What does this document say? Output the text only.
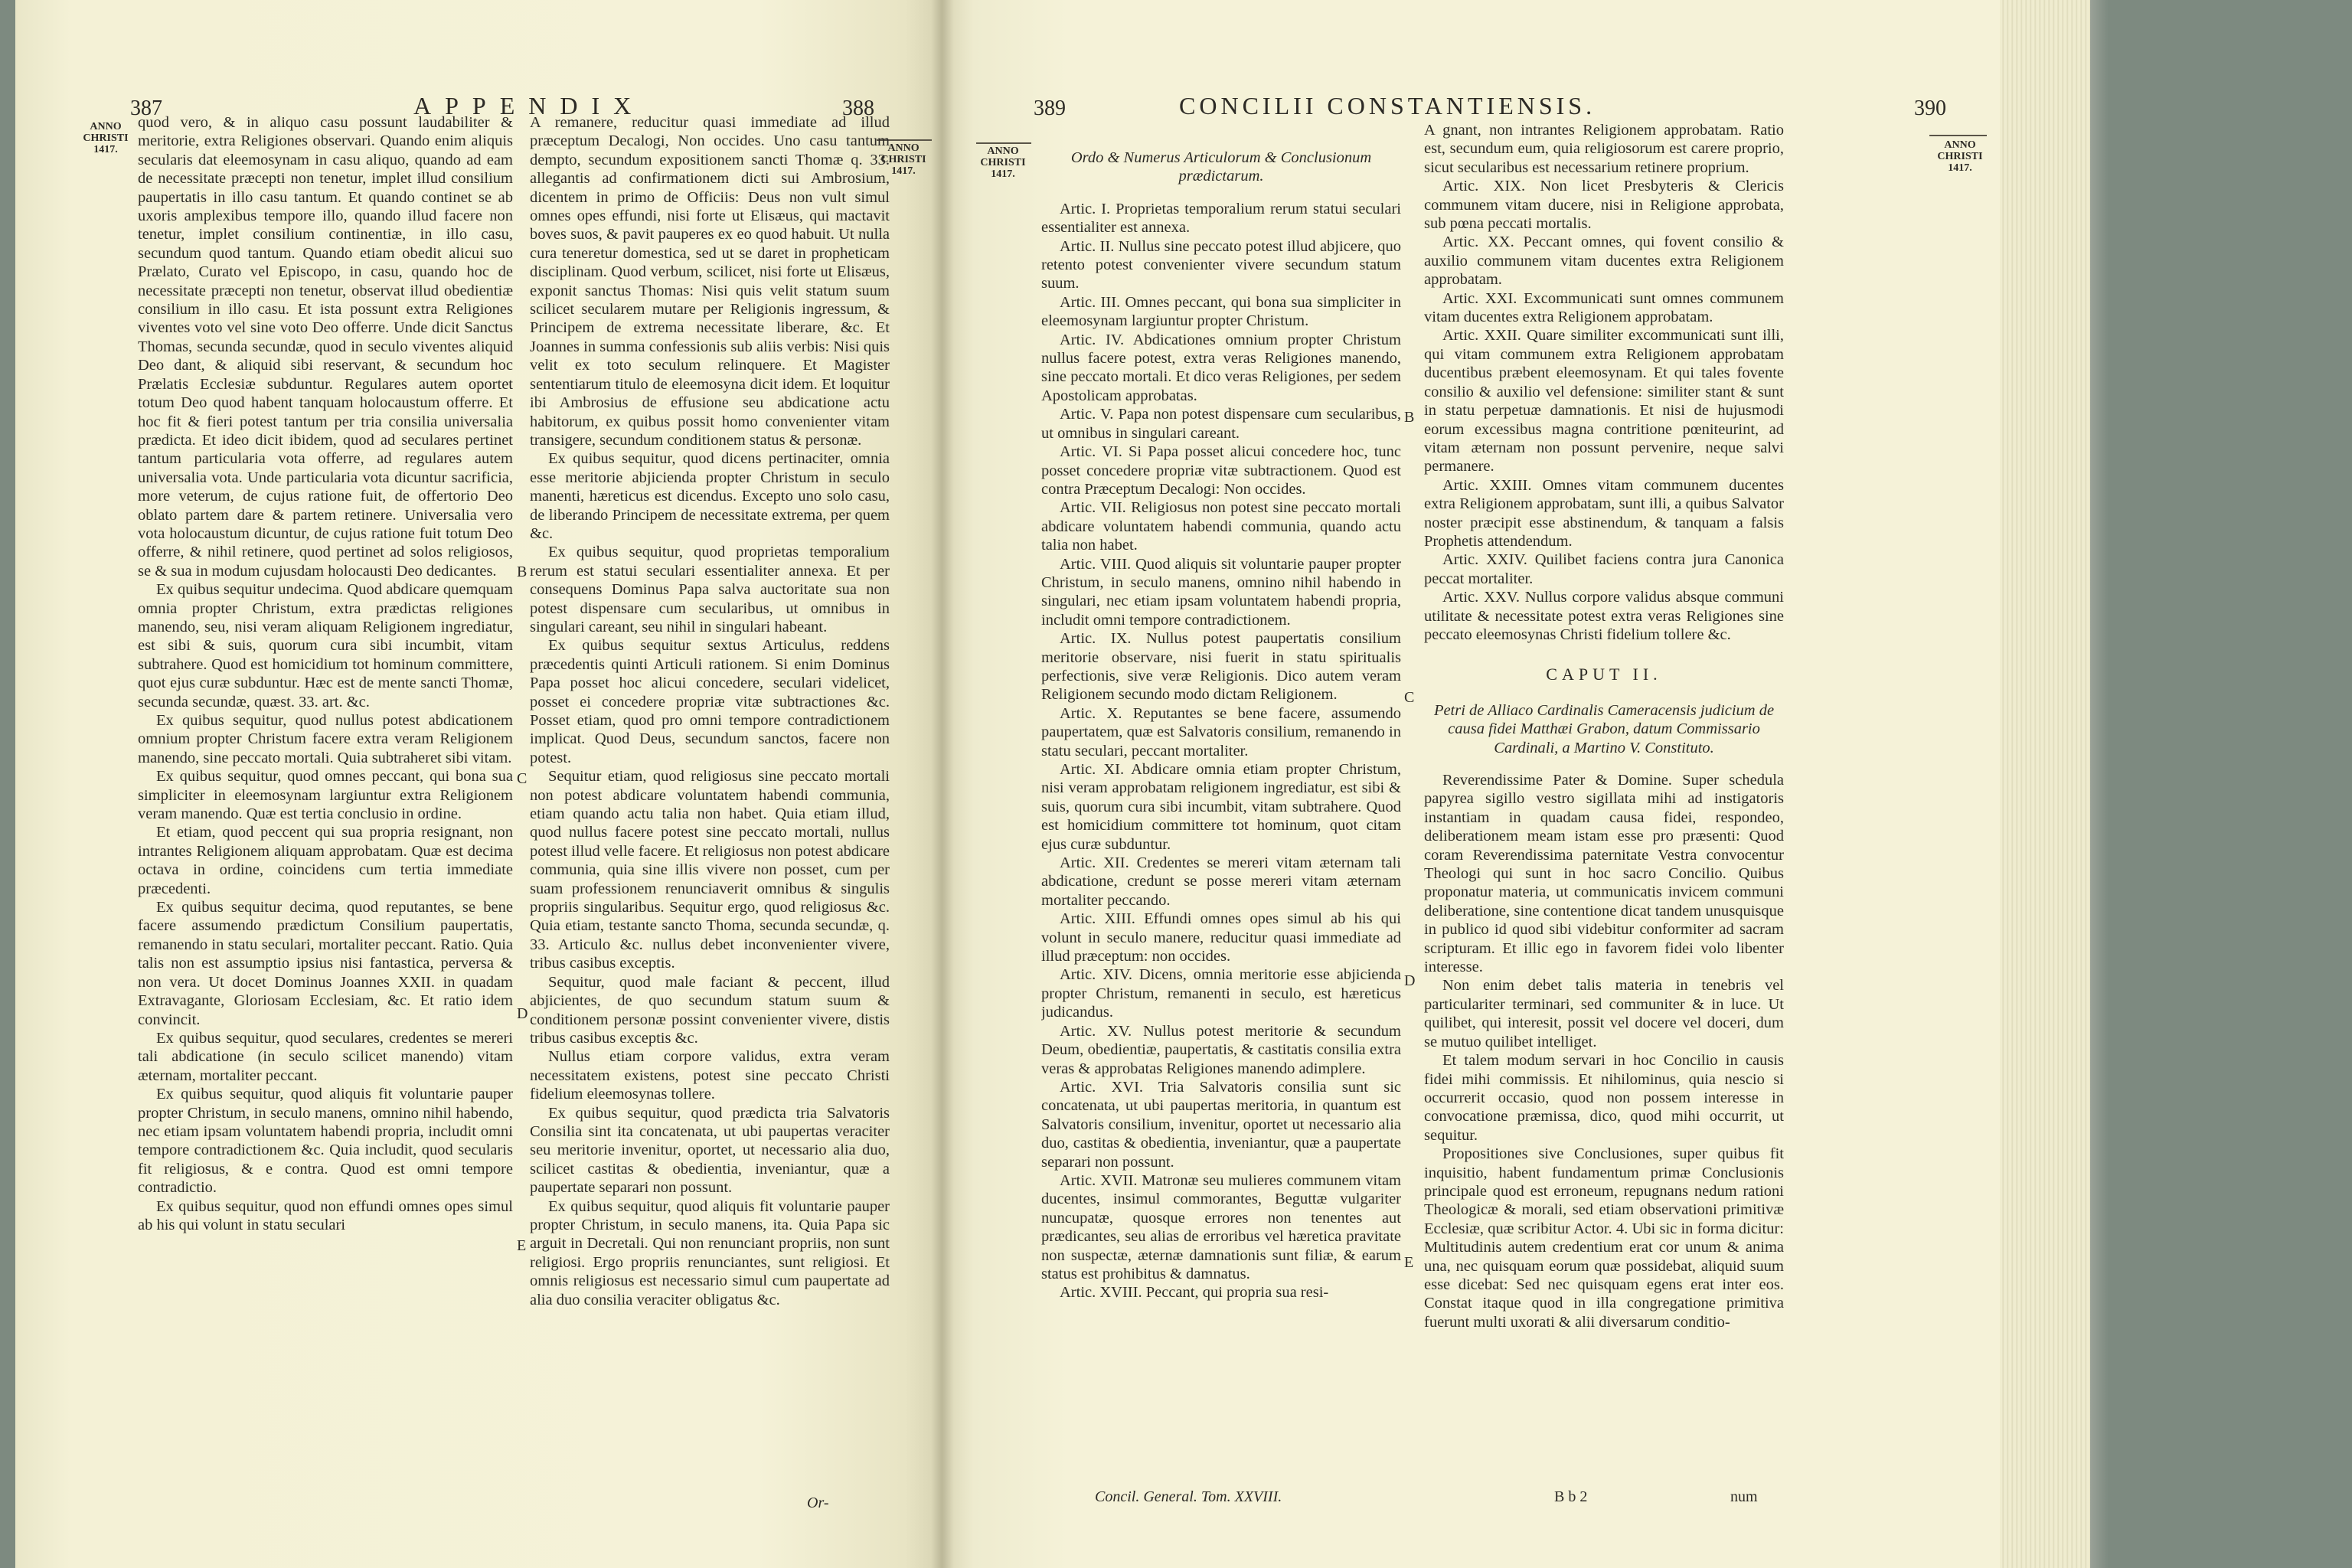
387	APPENDIX	388
ANNO
CHRISTI
1417.	ANNO
CHRISTI
1417.

quod vero, & in aliquo casu possunt laudabiliter & meritorie, extra Religiones observari. Quando enim aliquis secularis dat eleemosynam in casu aliquo, quando ad eam de necessitate præcepti non tenetur, implet illud consilium paupertatis in illo casu tantum. Et quando continet se ab uxoris amplexibus tempore illo, quando illud facere non tenetur, implet consilium continentiæ, in illo casu, secundum quod tantum. Quando etiam obedit alicui suo Prælato, Curato vel Episcopo, in casu, quando hoc de necessitate præcepti non tenetur, observat illud obedientiæ consilium in illo casu. Et ista possunt extra Religiones viventes voto vel sine voto Deo offerre. Unde dicit Sanctus Thomas, secunda secundæ, quod in seculo viventes aliquid Deo dant, & aliquid sibi reservant, & secundum hoc Prælatis Ecclesiæ subduntur. Regulares autem oportet totum Deo quod habent tanquam holocaustum offerre. Et hoc fit & fieri potest tantum per tria consilia universalia prædicta. Et ideo dicit ibidem, quod ad seculares pertinet tantum particularia vota offerre, ad regulares autem universalia vota. Unde particularia vota dicuntur sacrificia, more veterum, de cujus ratione fuit, de offertorio Deo oblato partem dare & partem retinere. Universalia vero vota holocaustum dicuntur, de cujus ratione fuit totum Deo offerre, & nihil retinere, quod pertinet ad solos religiosos, se & sua in modum cujusdam holocausti Deo dedicantes.

Ex quibus sequitur undecima. Quod abdicare quemquam omnia propter Christum, extra prædictas religiones manendo, seu, nisi veram aliquam Religionem ingrediatur, est sibi & suis, quorum cura sibi incumbit, vitam subtrahere. Quod est homicidium tot hominum committere, quot ejus curæ subduntur. Hæc est de mente sancti Thomæ, secunda secundæ, quæst. 33. art. &c.

Ex quibus sequitur, quod nullus potest abdicationem omnium propter Christum facere extra veram Religionem manendo, sine peccato mortali. Quia subtraheret sibi vitam.

Ex quibus sequitur, quod omnes peccant, qui bona sua simpliciter in eleemosynam largiuntur extra Religionem veram manendo. Quæ est tertia conclusio in ordine.

Et etiam, quod peccent qui sua propria resignant, non intrantes Religionem aliquam approbatam. Quæ est decima octava in ordine, coincidens cum tertia immediate præcedenti.

Ex quibus sequitur decima, quod reputantes, se bene facere assumendo prædictum Consilium paupertatis, remanendo in statu seculari, mortaliter peccant. Ratio. Quia talis non est assumptio ipsius nisi fantastica, perversa & non vera. Ut docet Dominus Joannes XXII. in quadam Extravagante, Gloriosam Ecclesiam, &c. Et ratio idem convincit.

Ex quibus sequitur, quod seculares, credentes se mereri tali abdicatione (in seculo scilicet manendo) vitam æternam, mortaliter peccant.

Ex quibus sequitur, quod aliquis fit voluntarie pauper propter Christum, in seculo manens, omnino nihil habendo, nec etiam ipsam voluntatem habendi propria, includit omni tempore contradictionem &c. Quia includit, quod secularis fit religiosus, & e contra. Quod est omni tempore contradictio.

Ex quibus sequitur, quod non effundi omnes opes simul ab his qui volunt in statu seculari

B
C
D
E

A remanere, reducitur quasi immediate ad illud præceptum Decalogi, Non occides. Uno casu tantum dempto, secundum expositionem sancti Thomæ q. 33. allegantis ad confirmationem dicti sui Ambrosium, dicentem in primo de Officiis: Deus non vult simul omnes opes effundi, nisi forte ut Elisæus, qui mactavit boves suos, & pavit pauperes ex eo quod habuit. Ut nulla cura teneretur domestica, sed ut se daret in propheticam disciplinam. Quod verbum, scilicet, nisi forte ut Elisæus, exponit sanctus Thomas: Nisi quis velit statum suum scilicet secularem mutare per Religionis ingressum, & Principem de extrema necessitate liberare, &c. Et Joannes in summa confessionis sub aliis verbis: Nisi quis velit ex toto seculum relinquere. Et Magister sententiarum titulo de eleemosyna dicit idem. Et loquitur ibi Ambrosius de effusione seu abdicatione actu habitorum, ex quibus possit homo convenienter vitam transigere, secundum conditionem status & personæ.

Ex quibus sequitur, quod dicens pertinaciter, omnia esse meritorie abjicienda propter Christum in seculo manenti, hæreticus est dicendus. Excepto uno solo casu, de liberando Principem de necessitate extrema, per quem &c.

Ex quibus sequitur, quod proprietas temporalium rerum est statui seculari essentialiter annexa. Et per consequens Dominus Papa salva auctoritate sua non potest dispensare cum secularibus, ut omnibus in singulari careant, seu nihil in singulari habeant.

Ex quibus sequitur sextus Articulus, reddens præcedentis quinti Articuli rationem. Si enim Dominus Papa posset hoc alicui concedere, seculari videlicet, posset ei concedere propriæ vitæ subtractiones &c. Posset etiam, quod pro omni tempore contradictionem implicat. Quod Deus, secundum sanctos, facere non potest.

Sequitur etiam, quod religiosus sine peccato mortali non potest abdicare voluntatem habendi communia, etiam quando actu talia non habet. Quia etiam illud, quod nullus facere potest sine peccato mortali, nullus potest illud velle facere. Et religiosus non potest abdicare communia, quia sine illis vivere non posset, cum per suam professionem renunciaverit omnibus & singulis propriis singularibus. Sequitur ergo, quod religiosus &c. Quia etiam, testante sancto Thoma, secunda secundæ, q. 33. Articulo &c. nullus debet inconvenienter vivere, tribus casibus exceptis.

Sequitur, quod male faciant & peccent, illud abjicientes, de quo secundum statum suum & conditionem personæ possint convenienter vivere, distis tribus casibus exceptis &c.

Nullus etiam corpore validus, extra veram necessitatem existens, potest sine peccato Christi fidelium eleemosynas tollere.

Ex quibus sequitur, quod prædicta tria Salvatoris Consilia sint ita concatenata, ut ubi paupertas veraciter seu meritorie invenitur, oportet, ut necessario alia duo, scilicet castitas & obedientia, inveniantur, quæ a paupertate separari non possunt.

Ex quibus sequitur, quod aliquis fit voluntarie pauper propter Christum, in seculo manens, ita. Quia Papa sic arguit in Decretali. Qui non renunciant propriis, non sunt religiosi. Ergo propriis renunciantes, sunt religiosi. Et omnis religiosus est necessario simul cum paupertate ad alia duo consilia veraciter obligatus &c.

Or-
389	CONCILII CONSTANTIENSIS.	390
ANNO
CHRISTI
1417.
ANNO
CHRISTI
1417.

Ordo & Numerus Articulorum & Conclusionum prædictarum.

Artic. I. Proprietas temporalium rerum statui seculari essentialiter est annexa.

Artic. II. Nullus sine peccato potest illud abjicere, quo retento potest convenienter vivere secundum statum suum.

Artic. III. Omnes peccant, qui bona sua simpliciter in eleemosynam largiuntur propter Christum.

Artic. IV. Abdicationes omnium propter Christum nullus facere potest, extra veras Religiones manendo, sine peccato mortali. Et dico veras Religiones, per sedem Apostolicam approbatas.

Artic. V. Papa non potest dispensare cum secularibus, ut omnibus in singulari careant.

Artic. VI. Si Papa posset alicui concedere hoc, tunc posset concedere propriæ vitæ subtractionem. Quod est contra Præceptum Decalogi: Non occides.

Artic. VII. Religiosus non potest sine peccato mortali abdicare voluntatem habendi communia, quando actu talia non habet.

Artic. VIII. Quod aliquis sit voluntarie pauper propter Christum, in seculo manens, omnino nihil habendo in singulari, nec etiam ipsam voluntatem habendi propria, includit omni tempore contradictionem.

Artic. IX. Nullus potest paupertatis consilium meritorie observare, nisi fuerit in statu spiritualis perfectionis, sive veræ Religionis. Dico autem veram Religionem secundo modo dictam Religionem.

Artic. X. Reputantes se bene facere, assumendo paupertatem, quæ est Salvatoris consilium, remanendo in statu seculari, peccant mortaliter.

Artic. XI. Abdicare omnia etiam propter Christum, nisi veram approbatam religionem ingrediatur, est sibi & suis, quorum cura sibi incumbit, vitam subtrahere. Quod est homicidium committere tot hominum, quot citam ejus curæ subduntur.

Artic. XII. Credentes se mereri vitam æternam tali abdicatione, credunt se posse mereri vitam æternam mortaliter peccando.

Artic. XIII. Effundi omnes opes simul ab his qui volunt in seculo manere, reducitur quasi immediate ad illud præceptum: non occides.

Artic. XIV. Dicens, omnia meritorie esse abjicienda propter Christum, remanenti in seculo, est hæreticus judicandus.

Artic. XV. Nullus potest meritorie & secundum Deum, obedientiæ, paupertatis, & castitatis consilia extra veras & approbatas Religiones manendo adimplere.

Artic. XVI. Tria Salvatoris consilia sunt sic concatenata, ut ubi paupertas meritoria, in quantum est Salvatoris consilium, invenitur, oportet ut necessario alia duo, castitas & obedientia, inveniantur, quæ a paupertate separari non possunt.

Artic. XVII. Matronæ seu mulieres communem vitam ducentes, insimul commorantes, Beguttæ vulgariter nuncupatæ, quosque errores non tenentes aut prædicantes, seu alias de erroribus vel hæretica pravitate non suspectæ, æternæ damnationis sunt filiæ, & earum status est prohibitus & damnatus.

Artic. XVIII. Peccant, qui propria sua resi-

Concil. General. Tom. XXVIII.
B
C
D
E

A gnant, non intrantes Religionem approbatam. Ratio est, secundum eum, quia religiosorum est carere proprio, sicut secularibus est necessarium retinere proprium.

Artic. XIX. Non licet Presbyteris & Clericis communem vitam ducere, nisi in Religione approbata, sub pœna peccati mortalis.

Artic. XX. Peccant omnes, qui fovent consilio & auxilio communem vitam ducentes extra Religionem approbatam.

Artic. XXI. Excommunicati sunt omnes communem vitam ducentes extra Religionem approbatam.

Artic. XXII. Quare similiter excommunicati sunt illi, qui vitam communem extra Religionem approbatam ducentibus præbent eleemosynam. Et qui tales fovente consilio & auxilio vel defensione: similiter stant & sunt in statu perpetuæ damnationis. Et nisi de hujusmodi eorum excessibus magna contritione pœniteurint, ad vitam æternam non possunt pervenire, neque salvi permanere.

Artic. XXIII. Omnes vitam communem ducentes extra Religionem approbatam, sunt illi, a quibus Salvator noster præcipit esse abstinendum, & tanquam a falsis Prophetis attendendum.

Artic. XXIV. Quilibet faciens contra jura Canonica peccat mortaliter.

Artic. XXV. Nullus corpore validus absque communi utilitate & necessitate potest extra veras Religiones sine peccato eleemosynas Christi fidelium tollere &c.

CAPUT II.

Petri de Alliaco Cardinalis Cameracensis judicium de causa fidei Matthæi Grabon, datum Commissario Cardinali, a Martino V. Constituto.

Reverendissime Pater & Domine. Super schedula papyrea sigillo vestro sigillata mihi ad instigatoris instantiam in quadam causa fidei, respondeo, deliberationem meam istam esse pro præsenti: Quod coram Reverendissima paternitate Vestra convocentur Theologi qui sunt in hoc sacro Concilio. Quibus proponatur materia, ut communicatis invicem communi deliberatione, sine contentione dicat tandem unusquisque in publico id quod sibi videbitur conformiter ad sacram scripturam. Et illic ego in favorem fidei volo libenter interesse.

Non enim debet talis materia in tenebris vel particulariter terminari, sed communiter & in luce. Ut quilibet, qui interesit, possit vel docere vel doceri, dum se mutuo quilibet intelliget.

Et talem modum servari in hoc Concilio in causis fidei mihi commissis. Et nihilominus, quia nescio si occurrerit occasio, quod non possem interesse in convocatione præmissa, dico, quod mihi occurrit, ut sequitur.

Propositiones sive Conclusiones, super quibus fit inquisitio, habent fundamentum primæ Conclusionis principale quod est erroneum, repugnans nedum rationi Theologicæ & morali, sed etiam observationi primitivæ Ecclesiæ, quæ scribitur Actor. 4. Ubi sic in forma dicitur: Multitudinis autem credentium erat cor unum & anima una, nec quisquam eorum quæ possidebat, aliquid suum esse dicebat: Sed nec quisquam egens erat inter eos. Constat itaque quod in illa congregatione primitiva fuerunt multi uxorati & alii diversarum conditio-

B b 2	num
